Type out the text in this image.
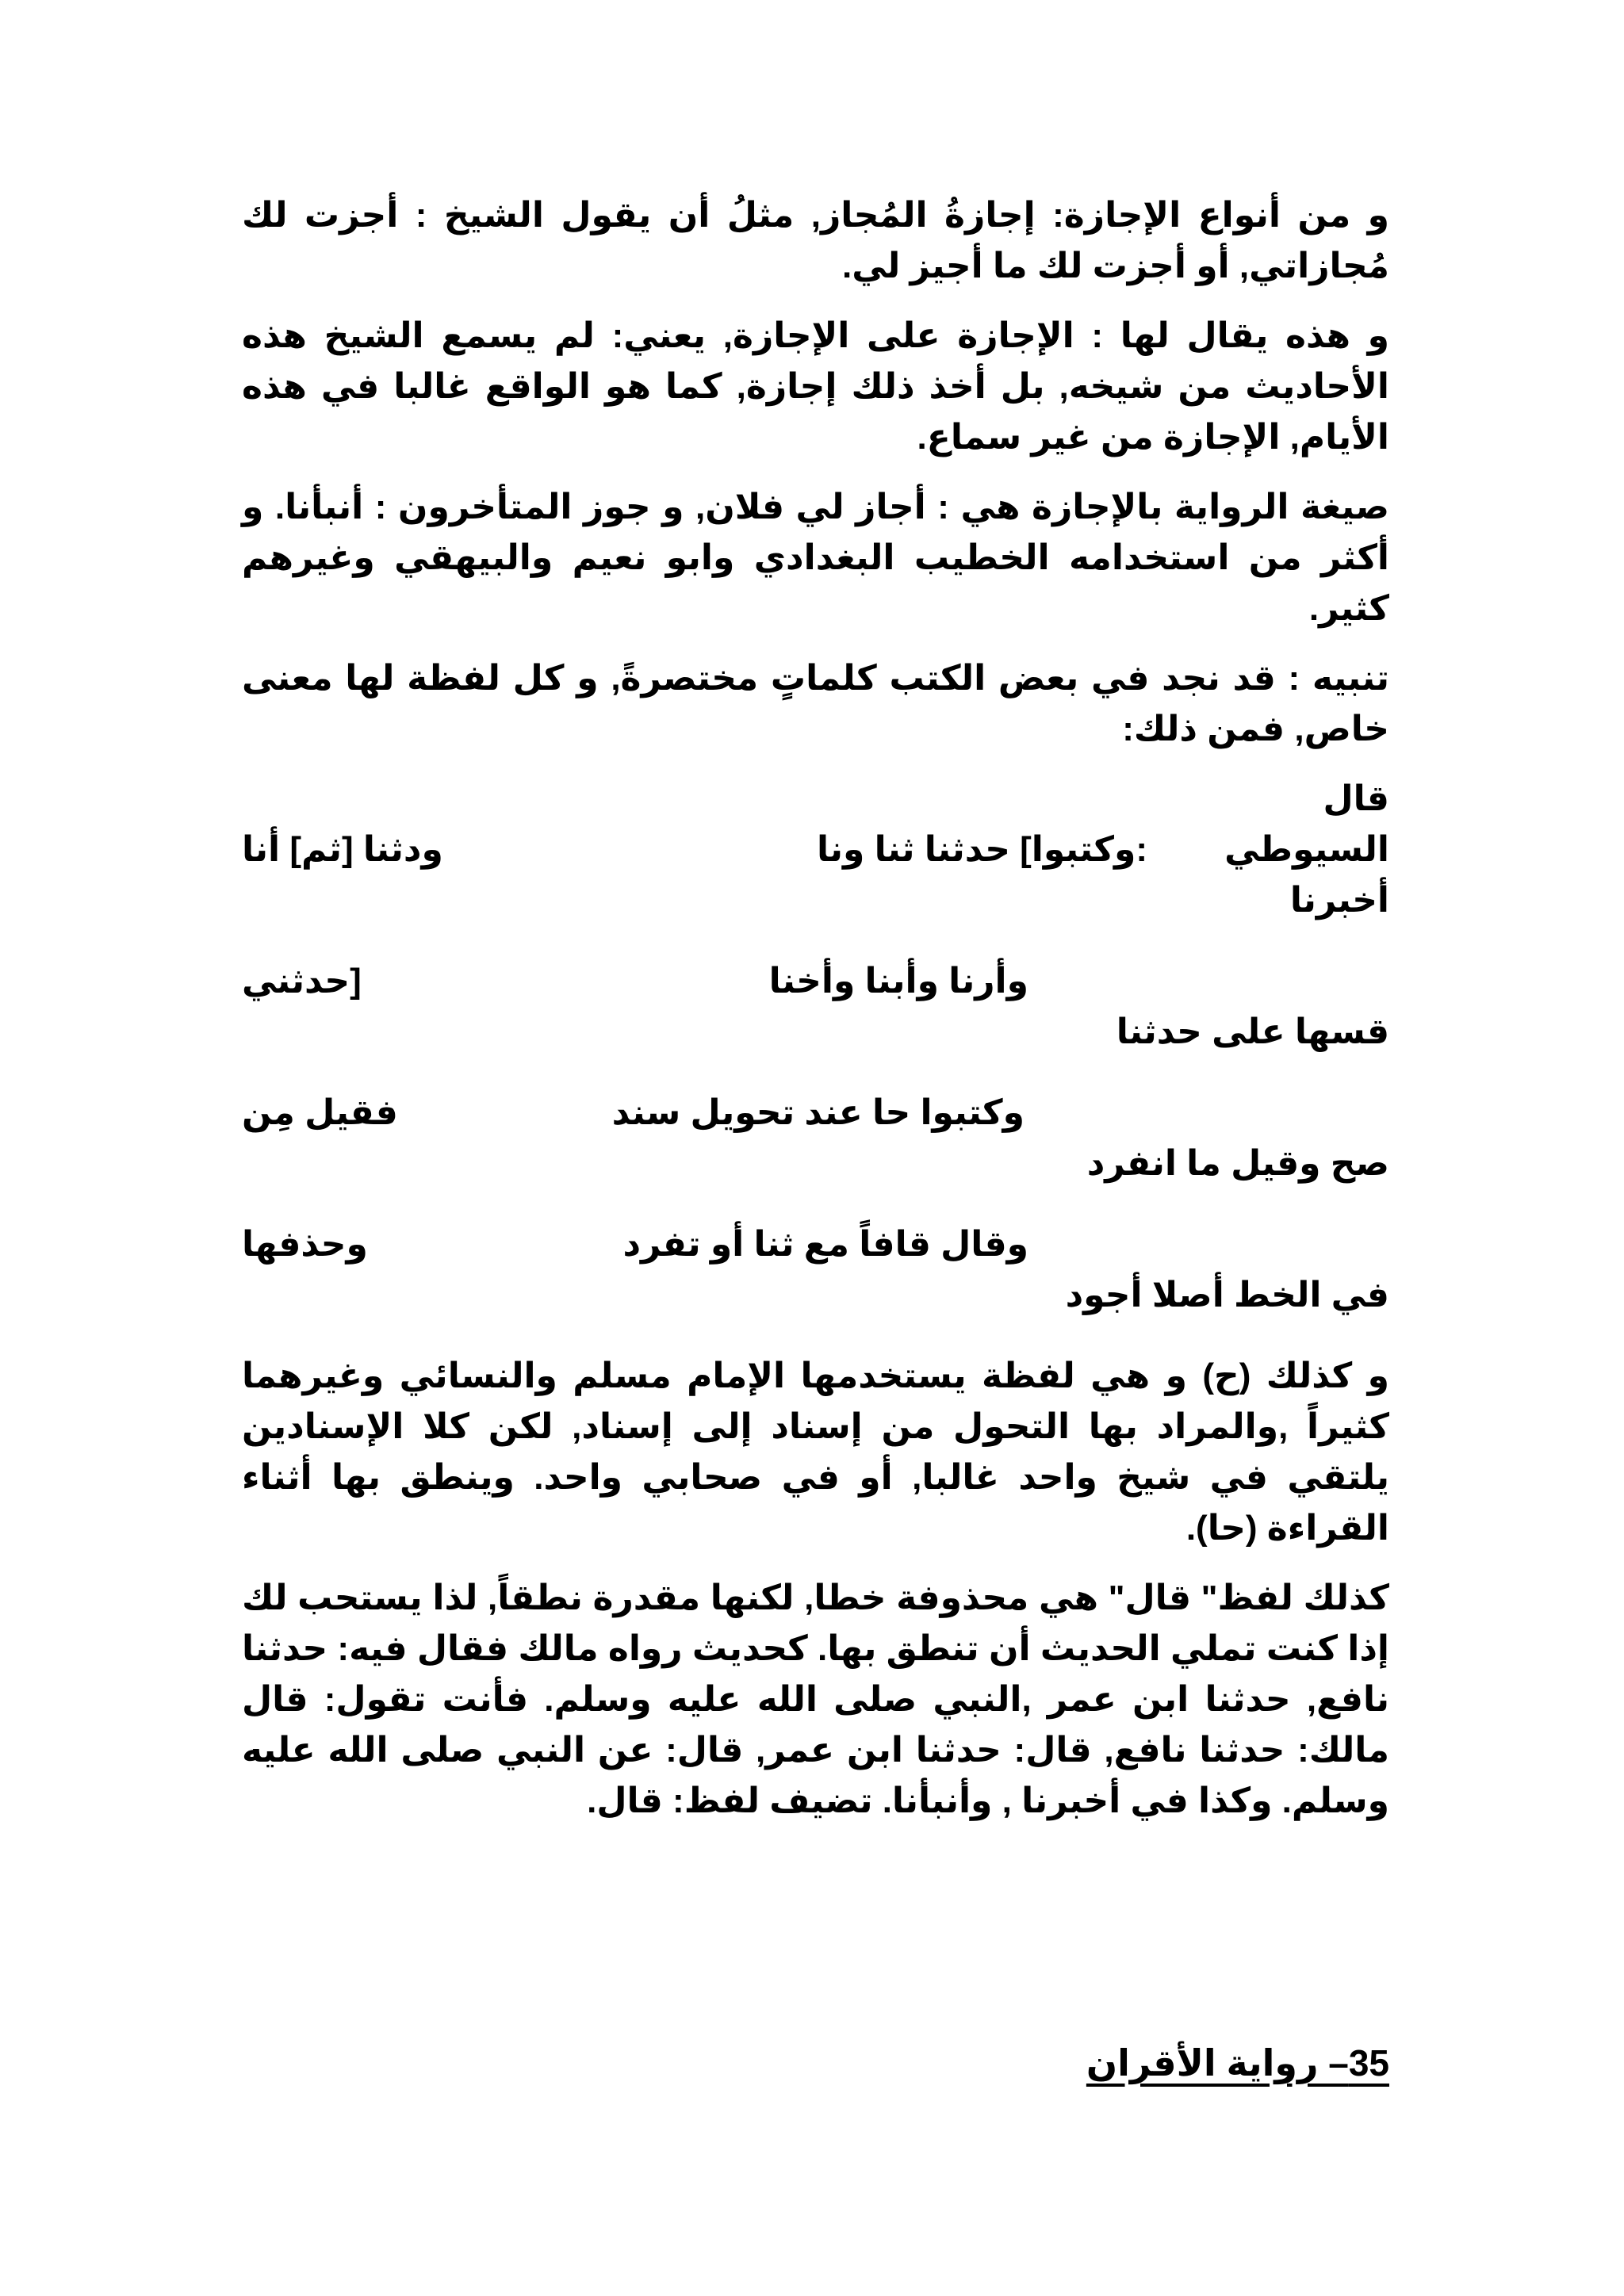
و من أنواع الإجازة: إجازةُ المُجاز, مثلُ أن يقول الشيخ : أجزت لك مُجازاتي, أو أجزت لك ما أجيز لي.

و هذه يقال لها : الإجازة على الإجازة, يعني: لم يسمع الشيخ هذه الأحاديث من شيخه, بل أخذ ذلك إجازة, كما هو الواقع غالبا في هذه الأيام, الإجازة من غير سماع.

صيغة الرواية بالإجازة هي : أجاز لي فلان, و جوز المتأخرون : أنبأنا. و أكثر من استخدامه الخطيب البغدادي وابو نعيم والبيهقي وغيرهم كثير.

تنبيه : قد نجد في بعض الكتب كلماتٍ مختصرةً, و كل لفظة لها معنى خاص, فمن ذلك:

قال

السيوطي
:وكتبوا] حدثنا ثنا ونا
ودثنا [ثم] أنا

أخبرنا

وأرنا وأبنا وأخنا
[حدثني

قسها على حدثنا

وكتبوا حا عند تحويل سند
فقيل مِن

صح وقيل ما انفرد

وقال قافاً مع ثنا أو تفرد
وحذفها

في الخط أصلا أجود

و كذلك (ح) و هي لفظة يستخدمها الإمام مسلم والنسائي وغيرهما كثيراً ,والمراد بها التحول من إسناد إلى إسناد, لكن كلا الإسنادين يلتقي في شيخ واحد غالبا, أو في صحابي واحد. وينطق بها أثناء القراءة (حا).

كذلك لفظ" قال" هي محذوفة خطا, لكنها مقدرة نطقاً, لذا يستحب لك إذا كنت تملي الحديث أن تنطق بها. كحديث رواه مالك فقال فيه: حدثنا نافع, حدثنا ابن عمر ,النبي صلى الله عليه وسلم. فأنت تقول: قال مالك: حدثنا نافع, قال: حدثنا ابن عمر, قال: عن النبي صلى الله عليه وسلم. وكذا في أخبرنا , وأنبأنا. تضيف لفظ: قال.

35– رواية الأقران
